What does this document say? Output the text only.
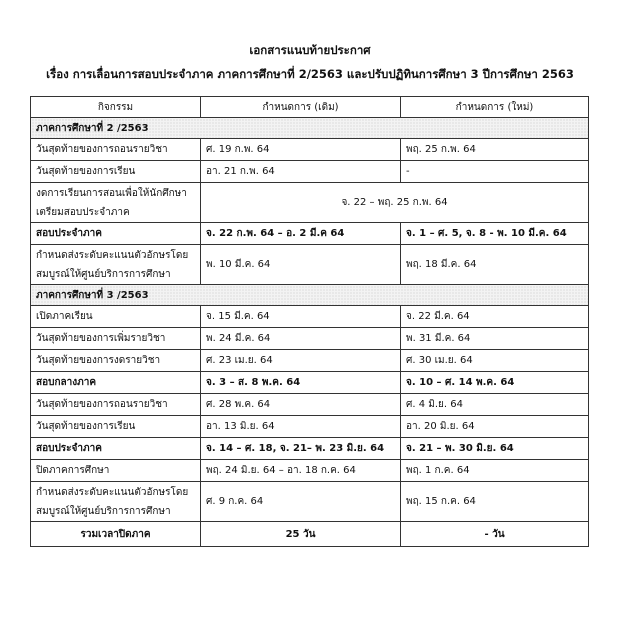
เอกสารแนบท้ายประกาศ
เรื่อง การเลื่อนการสอบประจำภาค ภาคการศึกษาที่ 2/2563 และปรับปฏิทินการศึกษา 3 ปีการศึกษา 2563
กิจกรรม	กำหนดการ (เดิม)	กำหนดการ (ใหม่)
ภาคการศึกษาที่ 2 /2563		
วันสุดท้ายของการถอนรายวิชา	ศ. 19 ก.พ. 64	พฤ. 25 ก.พ. 64
วันสุดท้ายของการเรียน	อา. 21 ก.พ. 64	-
งดการเรียนการสอนเพื่อให้นักศึกษาเตรียมสอบประจำภาค	จ. 22 – พฤ. 25 ก.พ. 64	
สอบประจำภาค	จ. 22 ก.พ. 64 – อ. 2 มี.ค 64	จ. 1 – ศ. 5, จ. 8 - พ. 10 มี.ค. 64
กำหนดส่งระดับคะแนนตัวอักษรโดยสมบูรณ์ให้ศูนย์บริการการศึกษา	พ. 10 มี.ค. 64	พฤ. 18 มี.ค. 64
ภาคการศึกษาที่ 3 /2563		
เปิดภาคเรียน	จ. 15 มี.ค. 64	จ. 22 มี.ค. 64
วันสุดท้ายของการเพิ่มรายวิชา	พ. 24 มี.ค. 64	พ. 31 มี.ค. 64
วันสุดท้ายของการงดรายวิชา	ศ. 23 เม.ย. 64	ศ. 30 เม.ย. 64
สอบกลางภาค	จ. 3 – ส. 8 พ.ค. 64	จ. 10 – ศ. 14 พ.ค. 64
วันสุดท้ายของการถอนรายวิชา	ศ. 28 พ.ค. 64	ศ. 4 มิ.ย. 64
วันสุดท้ายของการเรียน	อา. 13 มิ.ย. 64	อา. 20 มิ.ย. 64
สอบประจำภาค	จ. 14 – ศ. 18, จ. 21– พ. 23 มิ.ย. 64	จ. 21 – พ. 30 มิ.ย. 64
ปิดภาคการศึกษา	พฤ. 24 มิ.ย. 64 – อา. 18 ก.ค. 64	พฤ. 1 ก.ค. 64
กำหนดส่งระดับคะแนนตัวอักษรโดยสมบูรณ์ให้ศูนย์บริการการศึกษา	ศ. 9 ก.ค. 64	พฤ. 15 ก.ค. 64
รวมเวลาปิดภาค	25 วัน	- วัน
